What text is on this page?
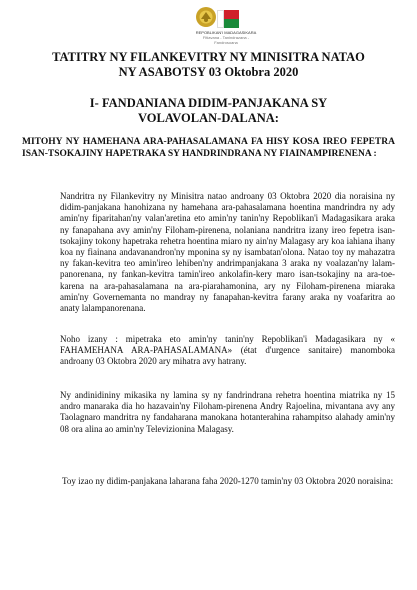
REPOBLIKAN'I MADAGASIKARA
Fitiavana - Tanindrazana - Fandrosoana
TATITRY NY FILANKEVITRY NY MINISITRA NATAO
NY ASABOTSY 03 Oktobra 2020
I- FANDANIANA DIDIM-PANJAKANA SY
VOLAVOLAN-DALANA:
MITOHY NY HAMEHANA ARA-PAHASALAMANA FA HISY KOSA IREO FEPETRA ISAN-TSOKAJINY HAPETRAKA SY HANDRINDRANA NY FIAINAMPIRENENA :
Nandritra ny Filankevitry ny Minisitra natao androany 03 Oktobra 2020 dia noraisina ny didim-panjakana hanohizana ny hamehana ara-pahasalamana hoentina mandrindra ny ady amin'ny fiparitahan'ny valan'aretina eto amin'ny tanin'ny Repoblikan'i Madagasikara araka ny fanapahana avy amin'ny Filoham-pirenena, nolaniana nandritra izany ireo fepetra isan-tsokajiny tokony hapetraka rehetra hoentina miaro ny ain'ny Malagasy ary koa iahiana ihany koa ny fiainana andavanandron'ny mponina sy ny isambatan'olona. Natao toy ny mahazatra ny fakan-kevitra teo amin'ireo lehiben'ny andrimpanjakana 3 araka ny voalazan'ny lalam-panorenana, ny fankan-kevitra tamin'ireo ankolafin-kery maro isan-tsokajiny na ara-toe-karena na ara-pahasalamana na ara-piarahamonina, ary ny Filoham-pirenena miaraka amin'ny Governemanta no mandray ny fanapahan-kevitra farany araka ny voafaritra ao anaty lalampanorenana.
Noho izany : mipetraka eto amin'ny tanin'ny Repoblikan'i Madagasikara ny « FAHAMEHANA ARA-PAHASALAMANA» (état d'urgence sanitaire) manomboka androany 03 Oktobra 2020 ary mihatra avy hatrany.
Ny andinidininy mikasika ny lamina sy ny fandrindrana rehetra hoentina miatrika ny 15 andro manaraka dia ho hazavain'ny Filoham-pirenena Andry Rajoelina, mivantana avy any Taolagnaro mandritra ny fandaharana manokana hotanterahina rahampitso alahady amin'ny 08 ora alina ao amin'ny Televizionina Malagasy.
Toy izao ny didim-panjakana laharana faha 2020-1270 tamin'ny 03 Oktobra 2020 noraisina:
